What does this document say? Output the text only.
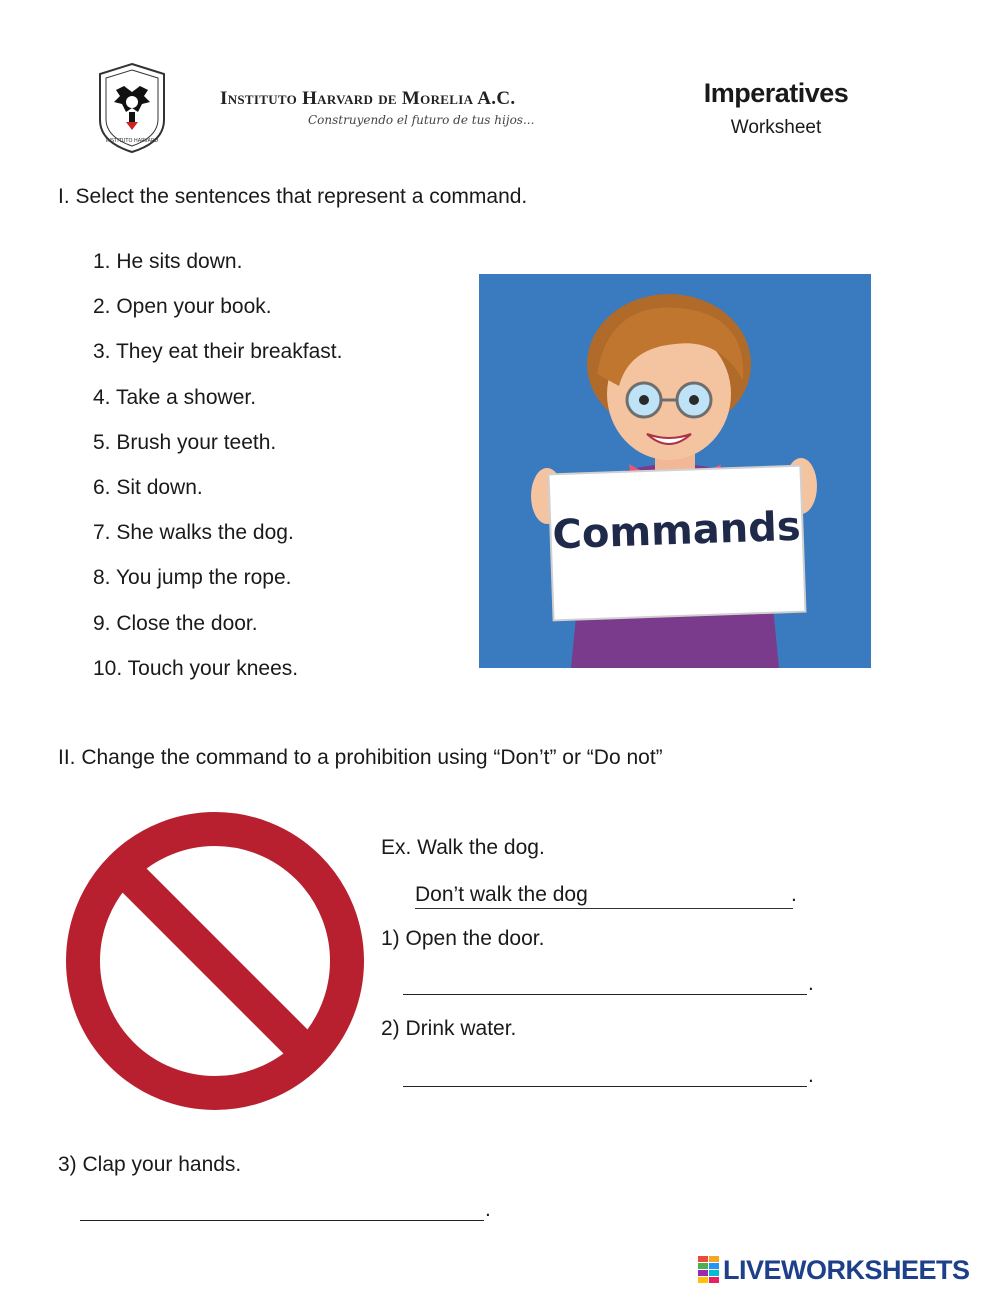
INSTITUTO HARVARD
Instituto Harvard de Morelia A.C.
Construyendo el futuro de tus hijos...
Imperatives
Worksheet
I. Select the sentences that represent a command.
1. He sits down.
2. Open your book.
3. They eat their breakfast.
4. Take a shower.
5. Brush your teeth.
6. Sit down.
7. She walks the dog.
8. You jump the rope.
9. Close the door.
10. Touch your knees.
Commands
II. Change the command to a prohibition using “Don’t” or “Do not”
Ex. Walk the dog.
Don’t walk the dog	.
1) Open the door.
.
2) Drink water.
.
3) Clap your hands.
.
LIVEWORKSHEETS
